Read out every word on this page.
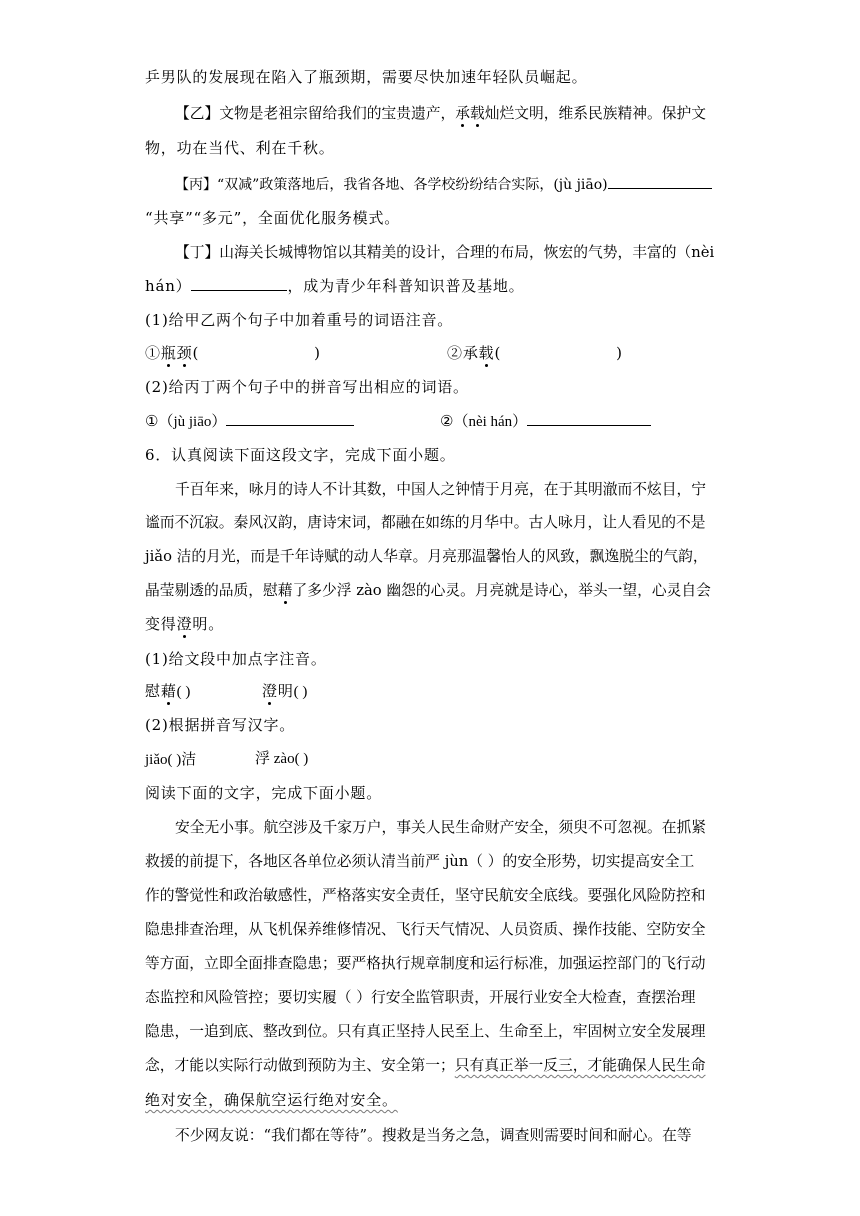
乒男队的发展现在陷入了瓶颈期，需要尽快加速年轻队员崛起。
【乙】文物是老祖宗留给我们的宝贵遗产，承载灿烂文明，维系民族精神。保护文
物，功在当代、利在千秋。
【丙】“双减”政策落地后，我省各地、各学校纷纷结合实际，(jù jiāo)
“共享”“多元”，全面优化服务模式。
【丁】山海关长城博物馆以其精美的设计，合理的布局，恢宏的气势，丰富的（nèi
hán）	，成为青少年科普知识普及基地。
(1)给甲乙两个句子中加着重号的词语注音。
①瓶颈(	)	②承载(	)
(2)给丙丁两个句子中的拼音写出相应的词语。
①（jù jiāo）	②（nèi hán）
6．认真阅读下面这段文字，完成下面小题。
千百年来，咏月的诗人不计其数，中国人之钟情于月亮，在于其明澈而不炫目，宁
谧而不沉寂。秦风汉韵，唐诗宋词，都融在如练的月华中。古人咏月，让人看见的不是
jiǎo 洁的月光，而是千年诗赋的动人华章。月亮那温馨怡人的风致，飘逸脱尘的气韵，
晶莹剔透的品质，慰藉了多少浮 zào 幽怨的心灵。月亮就是诗心，举头一望，心灵自会
变得澄明。
(1)给文段中加点字注音。
慰藉( )	澄明( )
(2)根据拼音写汉字。
jiǎo( )洁	浮 zào( )
阅读下面的文字，完成下面小题。
安全无小事。航空涉及千家万户，事关人民生命财产安全，须臾不可忽视。在抓紧
救援的前提下，各地区各单位必须认清当前严 jùn（ ）的安全形势，切实提高安全工
作的警觉性和政治敏感性，严格落实安全责任，坚守民航安全底线。要强化风险防控和
隐患排查治理，从飞机保养维修情况、飞行天气情况、人员资质、操作技能、空防安全
等方面，立即全面排查隐患；要严格执行规章制度和运行标准，加强运控部门的飞行动
态监控和风险管控；要切实履（ ）行安全监管职责，开展行业安全大检查，查摆治理
隐患，一追到底、整改到位。只有真正坚持人民至上、生命至上，牢固树立安全发展理
念，才能以实际行动做到预防为主、安全第一；只有真正举一反三，才能确保人民生命
绝对安全，确保航空运行绝对安全。
不少网友说：“我们都在等待”。搜救是当务之急，调查则需要时间和耐心。在等
